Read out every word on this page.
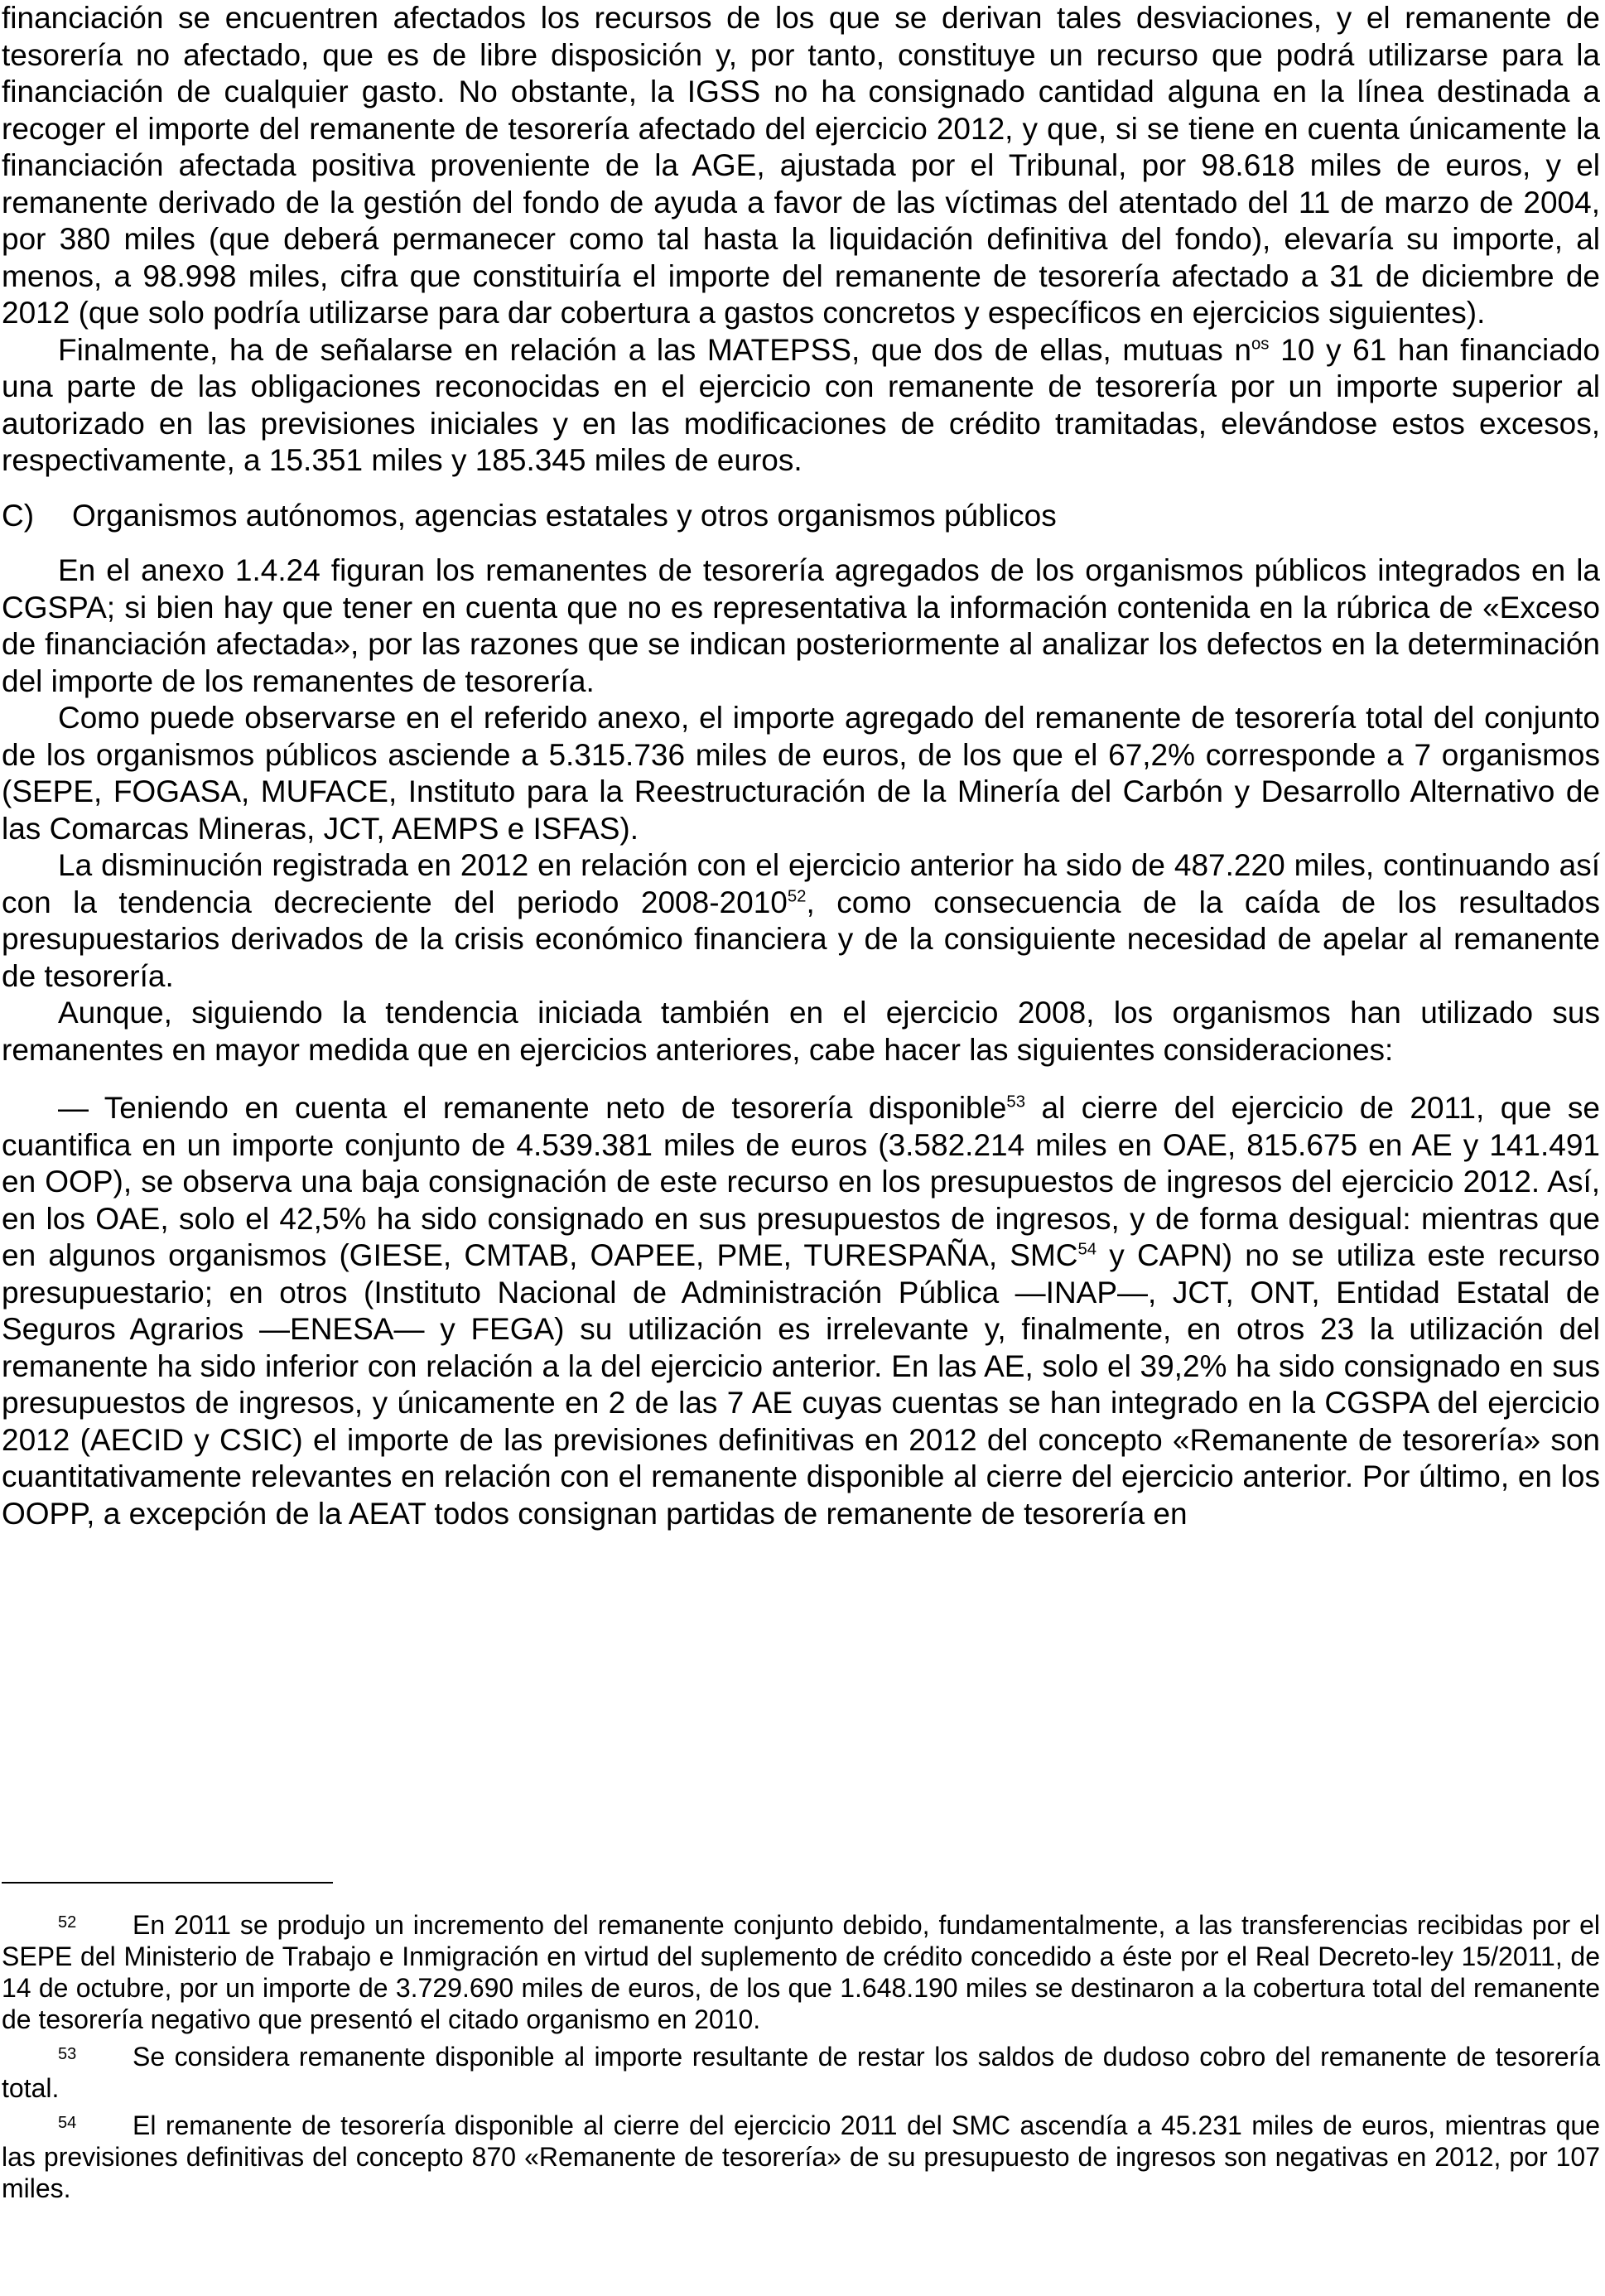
financiación se encuentren afectados los recursos de los que se derivan tales desviaciones, y el remanente de tesorería no afectado, que es de libre disposición y, por tanto, constituye un recurso que podrá utilizarse para la financiación de cualquier gasto. No obstante, la IGSS no ha consignado cantidad alguna en la línea destinada a recoger el importe del remanente de tesorería afectado del ejercicio 2012, y que, si se tiene en cuenta únicamente la financiación afectada positiva proveniente de la AGE, ajustada por el Tribunal, por 98.618 miles de euros, y el remanente derivado de la gestión del fondo de ayuda a favor de las víctimas del atentado del 11 de marzo de 2004, por 380 miles (que deberá permanecer como tal hasta la liquidación definitiva del fondo), elevaría su importe, al menos, a 98.998 miles, cifra que constituiría el importe del remanente de tesorería afectado a 31 de diciembre de 2012 (que solo podría utilizarse para dar cobertura a gastos concretos y específicos en ejercicios siguientes).

Finalmente, ha de señalarse en relación a las MATEPSS, que dos de ellas, mutuas $n^{os}$ 10 y 61 han financiado una parte de las obligaciones reconocidas en el ejercicio con remanente de tesorería por un importe superior al autorizado en las previsiones iniciales y en las modificaciones de crédito tramitadas, elevándose estos excesos, respectivamente, a 15.351 miles y 185.345 miles de euros.

C) Organismos autónomos, agencias estatales y otros organismos públicos

En el anexo 1.4.24 figuran los remanentes de tesorería agregados de los organismos públicos integrados en la CGSPA; si bien hay que tener en cuenta que no es representativa la información contenida en la rúbrica de «Exceso de financiación afectada», por las razones que se indican posteriormente al analizar los defectos en la determinación del importe de los remanentes de tesorería.

Como puede observarse en el referido anexo, el importe agregado del remanente de tesorería total del conjunto de los organismos públicos asciende a 5.315.736 miles de euros, de los que el 67,2% corresponde a 7 organismos (SEPE, FOGASA, MUFACE, Instituto para la Reestructuración de la Minería del Carbón y Desarrollo Alternativo de las Comarcas Mineras, JCT, AEMPS e ISFAS).

La disminución registrada en 2012 en relación con el ejercicio anterior ha sido de 487.220 miles, continuando así con la tendencia decreciente del periodo 2008-2010$^{52}$, como consecuencia de la caída de los resultados presupuestarios derivados de la crisis económico financiera y de la consiguiente necesidad de apelar al remanente de tesorería.

Aunque, siguiendo la tendencia iniciada también en el ejercicio 2008, los organismos han utilizado sus remanentes en mayor medida que en ejercicios anteriores, cabe hacer las siguientes consideraciones:

— Teniendo en cuenta el remanente neto de tesorería disponible$^{53}$ al cierre del ejercicio de 2011, que se cuantifica en un importe conjunto de 4.539.381 miles de euros (3.582.214 miles en OAE, 815.675 en AE y 141.491 en OOP), se observa una baja consignación de este recurso en los presupuestos de ingresos del ejercicio 2012. Así, en los OAE, solo el 42,5% ha sido consignado en sus presupuestos de ingresos, y de forma desigual: mientras que en algunos organismos (GIESE, CMTAB, OAPEE, PME, TURESPAÑA, SMC$^{54}$ y CAPN) no se utiliza este recurso presupuestario; en otros (Instituto Nacional de Administración Pública —INAP—, JCT, ONT, Entidad Estatal de Seguros Agrarios —ENESA— y FEGA) su utilización es irrelevante y, finalmente, en otros 23 la utilización del remanente ha sido inferior con relación a la del ejercicio anterior. En las AE, solo el 39,2% ha sido consignado en sus presupuestos de ingresos, y únicamente en 2 de las 7 AE cuyas cuentas se han integrado en la CGSPA del ejercicio 2012 (AECID y CSIC) el importe de las previsiones definitivas en 2012 del concepto «Remanente de tesorería» son cuantitativamente relevantes en relación con el remanente disponible al cierre del ejercicio anterior. Por último, en los OOPP, a excepción de la AEAT todos consignan partidas de remanente de tesorería en

52 En 2011 se produjo un incremento del remanente conjunto debido, fundamentalmente, a las transferencias recibidas por el SEPE del Ministerio de Trabajo e Inmigración en virtud del suplemento de crédito concedido a éste por el Real Decreto-ley 15/2011, de 14 de octubre, por un importe de 3.729.690 miles de euros, de los que 1.648.190 miles se destinaron a la cobertura total del remanente de tesorería negativo que presentó el citado organismo en 2010.

53 Se considera remanente disponible al importe resultante de restar los saldos de dudoso cobro del remanente de tesorería total.

54 El remanente de tesorería disponible al cierre del ejercicio 2011 del SMC ascendía a 45.231 miles de euros, mientras que las previsiones definitivas del concepto 870 «Remanente de tesorería» de su presupuesto de ingresos son negativas en 2012, por 107 miles.
